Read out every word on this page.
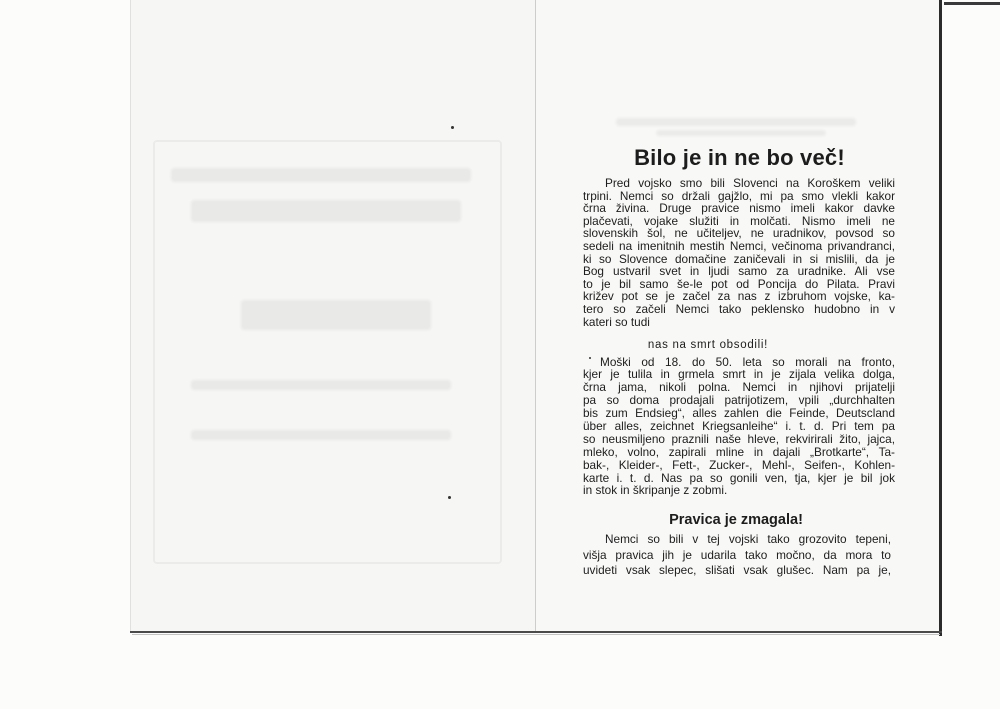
Bilo je in ne bo več!
Pred vojsko smo bili Slovenci na Koroškem veliki
trpini. Nemci so držali gajžlo, mi pa smo vlekli kakor
črna živina. Druge pravice nismo imeli kakor davke
plačevati, vojake služiti in molčati. Nismo imeli ne
slovenskih šol, ne učiteljev, ne uradnikov, povsod so
sedeli na imenitnih mestih Nemci, večinoma privandranci,
ki so Slovence domačine zaničevali in si mislili, da je
Bog ustvaril svet in ljudi samo za uradnike. Ali vse
to je bil samo še-le pot od Poncija do Pilata. Pravi
križev pot se je začel za nas z izbruhom vojske, ka-
tero so začeli Nemci tako peklensko hudobno in v
kateri so tudi
nas na smrt obsodili!
Moški od 18. do 50. leta so morali na fronto,
kjer je tulila in grmela smrt in je zijala velika dolga,
črna jama, nikoli polna. Nemci in njihovi prijatelji
pa so doma prodajali patrijotizem, vpili „durchhalten
bis zum Endsieg“, alles zahlen die Feinde, Deutscland
über alles, zeichnet Kriegsanleihe“ i. t. d. Pri tem pa
so neusmiljeno praznili naše hleve, rekvirirali žito, jajca,
mleko, volno, zapirali mline in dajali „Brotkarte“, Ta-
bak-, Kleider-, Fett-, Zucker-, Mehl-, Seifen-, Kohlen-
karte i. t. d. Nas pa so gonili ven, tja, kjer je bil jok
in stok in škripanje z zobmi.
Pravica je zmagala!
Nemci so bili v tej vojski tako grozovito tepeni,
višja pravica jih je udarila tako močno, da mora to
uvideti vsak slepec, slišati vsak glušec. Nam pa je,
